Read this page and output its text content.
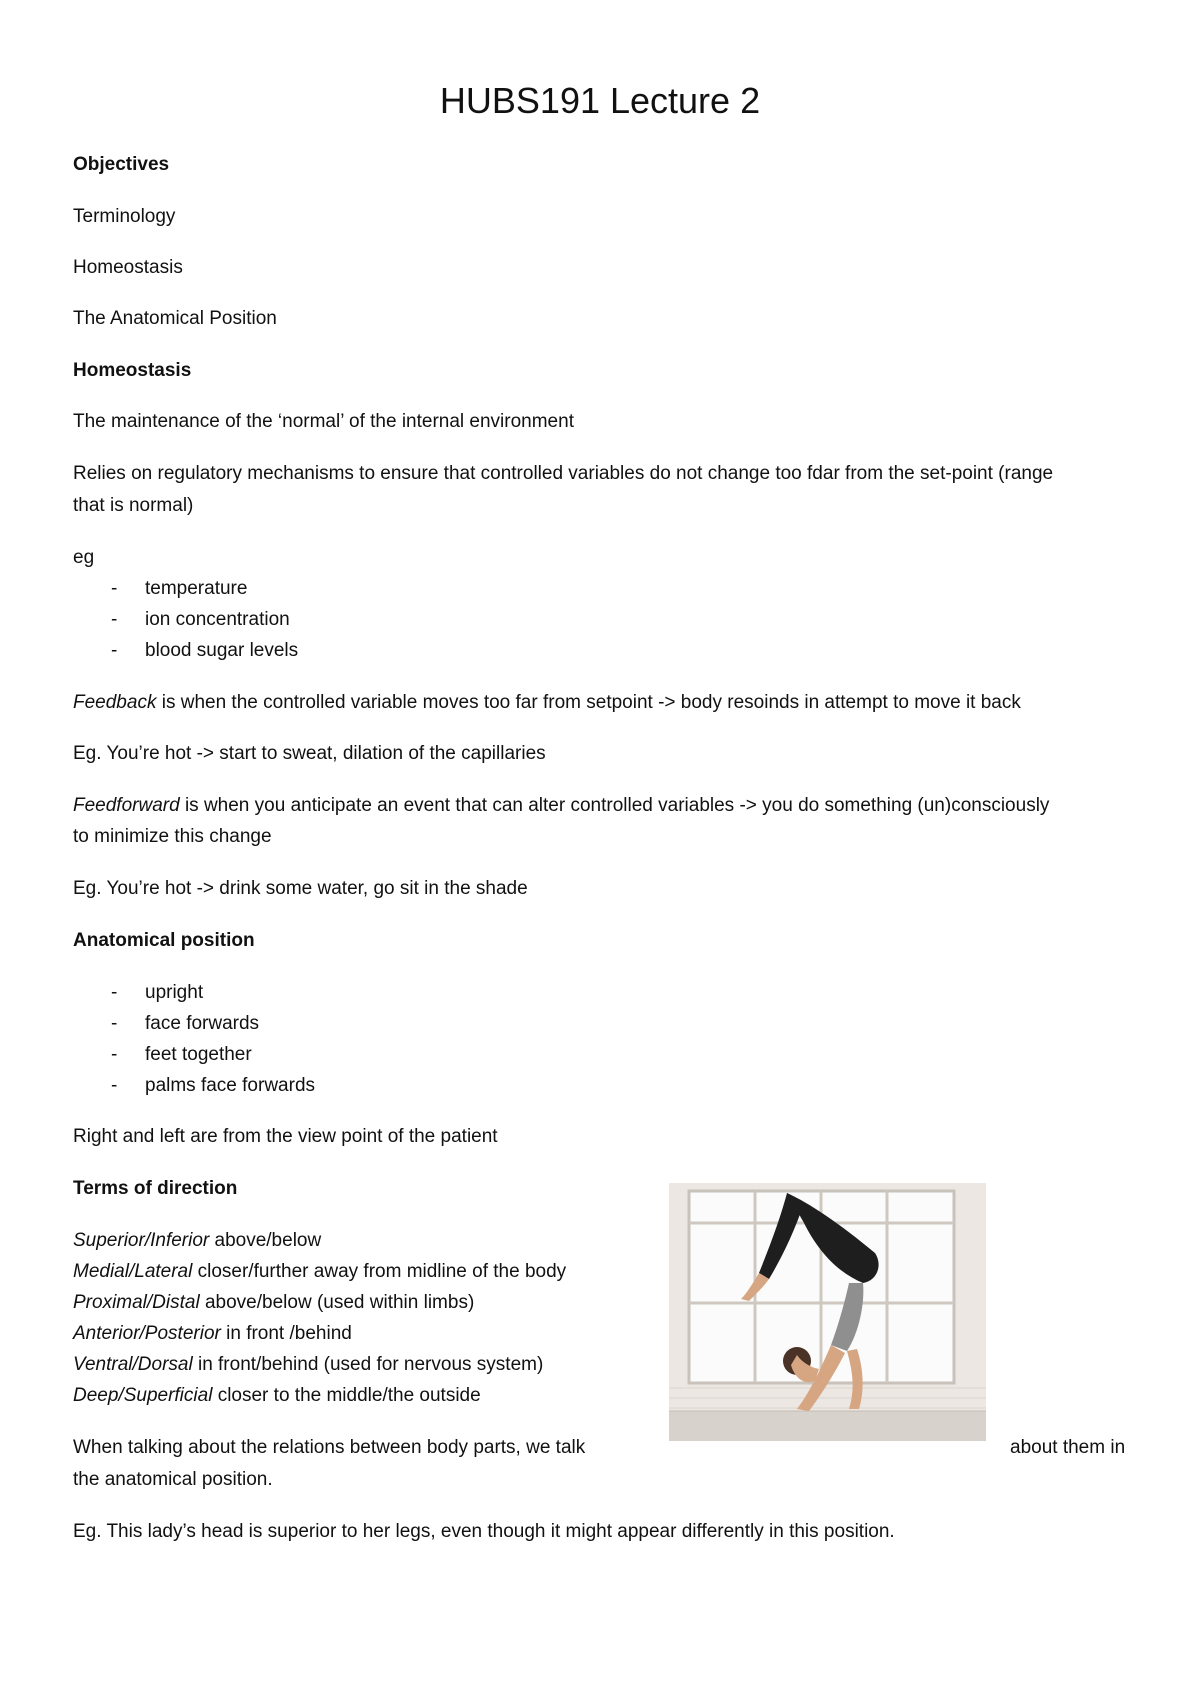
HUBS191 Lecture 2

Objectives

Terminology

Homeostasis

The Anatomical Position

Homeostasis

The maintenance of the ‘normal’ of the internal environment

Relies on regulatory mechanisms to ensure that controlled variables do not change too fdar from the set-point (range

that is normal)

eg

- temperature
- ion concentration
- blood sugar levels

Feedback is when the controlled variable moves too far from setpoint -> body resoinds in attempt to move it back

Eg. You’re hot -> start to sweat, dilation of the capillaries

Feedforward is when you anticipate an event that can alter controlled variables -> you do something (un)consciously

to minimize this change

Eg. You’re hot -> drink some water, go sit in the shade

Anatomical position

- upright
- face forwards
- feet together
- palms face forwards

Right and left are from the view point of the patient

Terms of direction

Superior/Inferior above/below

Medial/Lateral closer/further away from midline of the body

Proximal/Distal above/below (used within limbs)

Anterior/Posterior in front /behind

Ventral/Dorsal in front/behind (used for nervous system)

Deep/Superficial closer to the middle/the outside

When talking about the relations between body parts, we talk	about them in

the anatomical position.

Eg. This lady’s head is superior to her legs, even though it might appear differently in this position.
